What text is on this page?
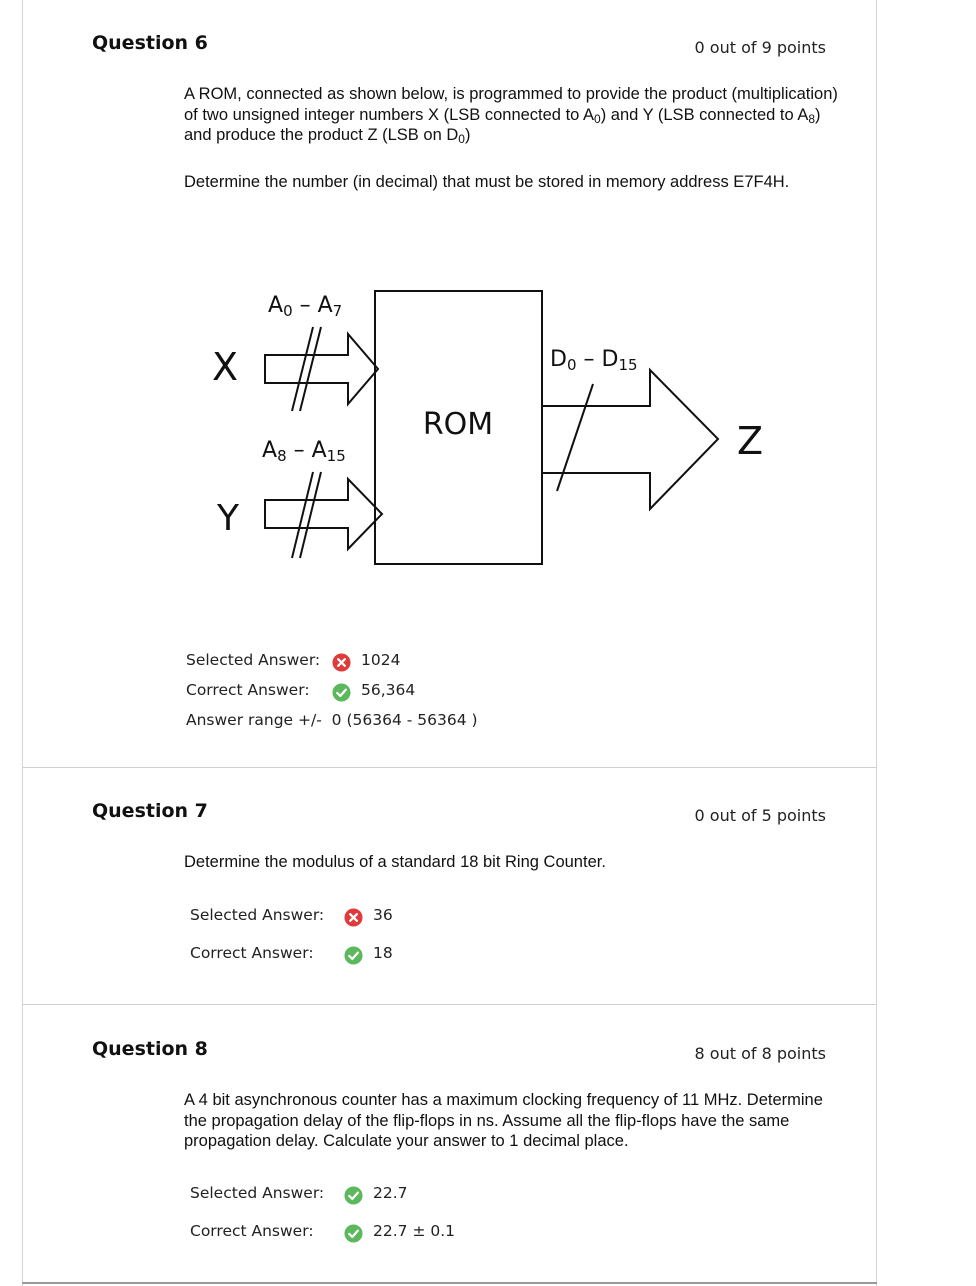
Question 6	0 out of 9 points

A ROM, connected as shown below, is programmed to provide the product (multiplication) of two unsigned integer numbers X (LSB connected to $A_0$) and Y (LSB connected to $A_8$) and produce the product Z (LSB on $D_0$)

Determine the number (in decimal) that must be stored in memory address E7F4H.

ROM
X
A0 – A7
Y
A8 – A15	Z
D0 – D15
Selected Answer:	1024
Correct Answer:	56,364
Answer range +/-  0 (56364 - 56364 )
Question 7	0 out of 5 points

Determine the modulus of a standard 18 bit Ring Counter.

Selected Answer:	36
Correct Answer:	18
Question 8	8 out of 8 points

A 4 bit asynchronous counter has a maximum clocking frequency of 11 MHz. Determine the propagation delay of the flip-flops in ns. Assume all the flip-flops have the same propagation delay. Calculate your answer to 1 decimal place.

Selected Answer:	22.7
Correct Answer:	22.7 ± 0.1
